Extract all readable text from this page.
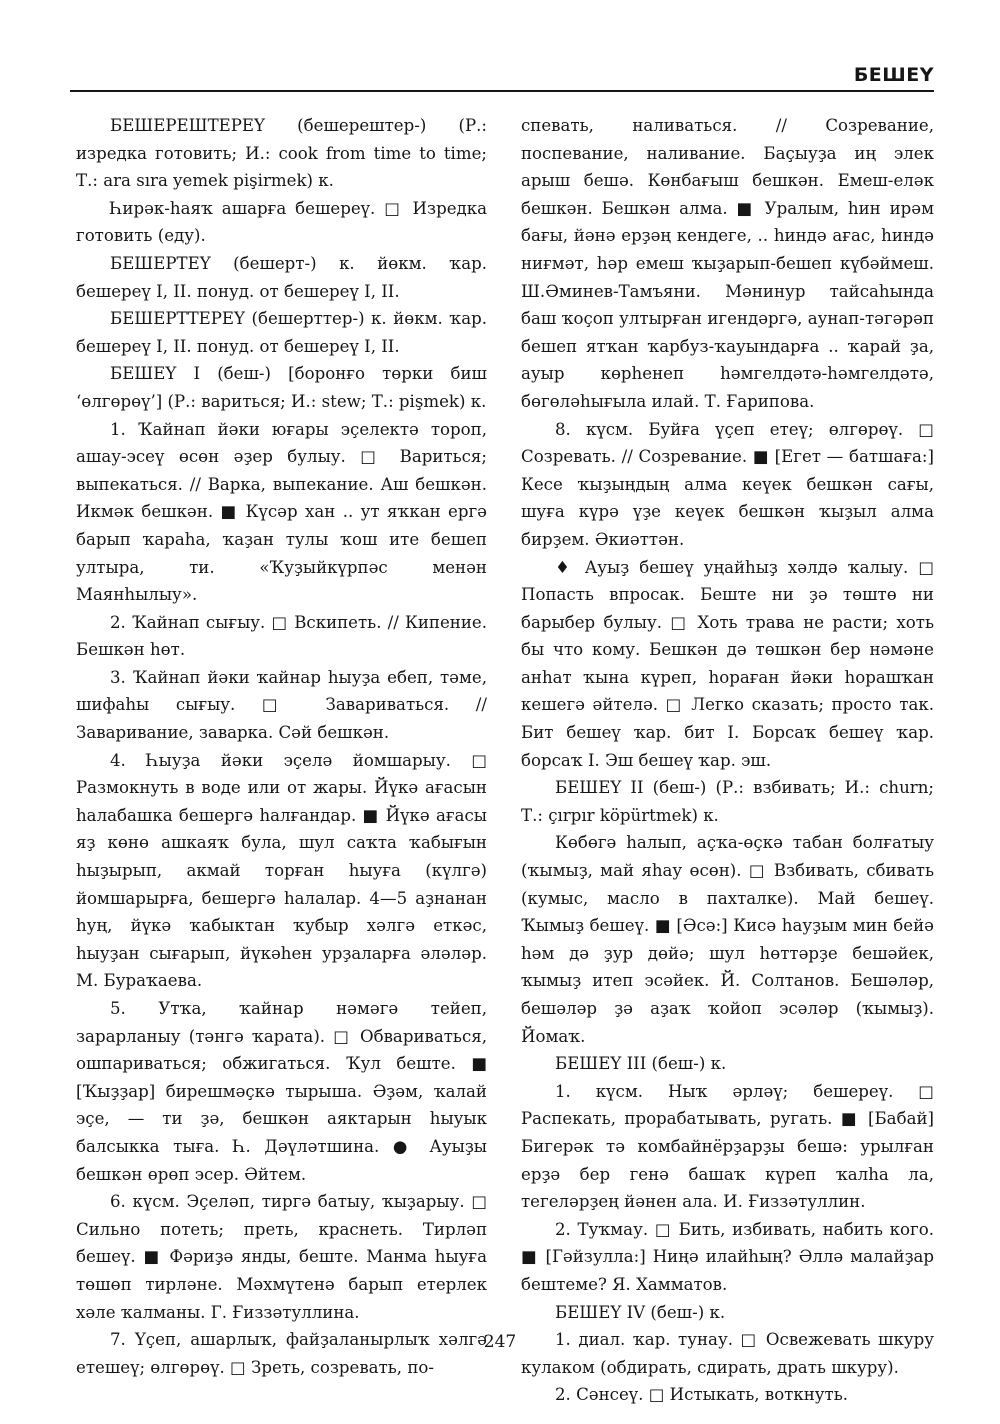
БЕШЕҮ

БЕШЕРЕШТЕРЕҮ (бешерештер-) (Р.: изредка готовить; И.: cook from time to time; Т.: ara sıra yemek pişirmek) к.

Һирәк-һаяҡ ашарға бешереү. □ Изредка готовить (еду).

БЕШЕРТЕҮ (бешерт-) к. йөкм. ҡар. бешереү I, II. понуд. от бешереү I, II.

БЕШЕРТТЕРЕҮ (бешерттер-) к. йөкм. ҡар. бешереү I, II. понуд. от бешереү I, II.

БЕШЕҮ I (беш-) [боронғо төрки биш ‘өлгөрөү’] (Р.: вариться; И.: stew; Т.: pişmek) к.

1. Ҡайнап йәки юғары эҫелектә тороп, ашау-эсеү өсөн әҙер булыу. □ Вариться; выпекаться. // Варка, выпекание. Аш бешкән. Икмәк бешкән. ■ Күсәр хан .. ут яҡкан ергә барып ҡараһа, ҡаҙан тулы ҡош ите бешеп ултыра, ти. «Ҡуҙыйкүрпәс менән Маянһылыу».

2. Ҡайнап сығыу. □ Вскипеть. // Кипение. Бешкән һөт.

3. Ҡайнап йәки ҡайнар һыуҙа ебеп, тәме, шифаһы сығыу. □ Завариваться. // Заваривание, заварка. Сәй бешкән.

4. Һыуҙа йәки эҫелә йомшарыу. □ Размокнуть в воде или от жары. Йүкә ағасын һалабашка бешергә һалғандар. ■ Йүкә ағасы яҙ көнө ашкаяҡ була, шул саҡта ҡабығын һыҙырып, акмай торған һыуға (күлгә) йомшарырға, бешергә һалалар. 4—5 аҙнанан һуң, йүкә ҡабыктан ҡубыр хәлгә еткәс, һыуҙан сығарып, йүкәһен урҙаларға әләләр. М. Бураҡаева.

5. Утҡа, ҡайнар нәмәгә тейеп, зарарланыу (тәнгә ҡарата). □ Обвариваться, ошпариваться; обжигаться. Ҡул беште. ■ [Ҡыҙҙар] бирешмәҫкә тырыша. Әҙәм, ҡалай эҫе, — ти ҙә, бешкән аяктарын һыуык балсыкка тыға. Һ. Дәүләтшина. ● Ауыҙы бешкән өрөп эсер. Әйтем.

6. күсм. Эҫеләп, тиргә батыу, ҡыҙарыу. □ Сильно потеть; преть, краснеть. Тирләп бешеү. ■ Фәриҙә янды, беште. Манма һыуға төшөп тирләне. Мәхмүтенә барып етерлек хәле ҡалманы. Г. Ғиззәтуллина.

7. Үҫеп, ашарлыҡ, файҙаланырлыҡ хәлгә етешеү; өлгөрөү. □ Зреть, созревать, по-

спевать, наливаться. // Созревание, поспевание, наливание. Баҫыуҙа иң элек арыш бешә. Көнбағыш бешкән. Емеш-еләк бешкән. Бешкән алма. ■ Уралым, һин ирәм бағы, йәнә ерҙәң кендеге, .. һиндә ағас, һиндә ниғмәт, һәр емеш ҡыҙарып-бешеп күбәймеш. Ш.Әминев-Тамъяни. Мәнинур тайсаһында баш ҡоҫоп ултырған игендәргә, аунап-тәгәрәп бешеп ятҡан ҡарбуз-ҡауындарға .. ҡарай ҙа, ауыр көрһенеп һәмгелдәтә-һәмгелдәтә, бөгөләһығыла илай. Т. Ғарипова.

8. күсм. Буйға үҫеп етеү; өлгөрөү. □ Созревать. // Созревание. ■ [Егет — батшаға:] Кесе ҡыҙыңдың алма кеүек бешкән сағы, шуға күрә үҙе кеүек бешкән ҡыҙыл алма бирҙем. Әкиәттән.

♦ Ауыҙ бешеү уңайһыҙ хәлдә ҡалыу. □ Попасть впросак. Беште ни ҙә төштө ни барыбер булыу. □ Хоть трава не расти; хоть бы что кому. Бешкән дә төшкән бер нәмәне анһат ҡына күреп, һораған йәки һорашҡан кешегә әйтелә. □ Легко сказать; просто так. Бит бешеү ҡар. бит I. Борсаҡ бешеү ҡар. борсаҡ I. Эш бешеү ҡар. эш.

БЕШЕҮ II (беш-) (Р.: взбивать; И.: churn; Т.: çırpır köpürtmek) к.

Көбөгә һалып, аҫҡа-өҫкә табан болғатыу (ҡымыҙ, май яһау өсөн). □ Взбивать, сбивать (кумыс, масло в пахталке). Май бешеү. Ҡымыҙ бешеү. ■ [Әсә:] Кисә һауҙым мин бейә һәм дә ҙур дөйә; шул һөттәрҙе бешәйек, ҡымыҙ итеп эсәйек. Й. Солтанов. Бешәләр, бешәләр ҙә аҙаҡ ҡойоп эсәләр (ҡымыҙ). Йомаҡ.

БЕШЕҮ III (беш-) к.

1. күсм. Ныҡ әрләү; бешереү. □ Распекать, прорабатывать, ругать. ■ [Бабай] Бигерәк тә комбайнёрҙарҙы бешә: урылған ерҙә бер генә башаҡ күреп ҡалһа ла, тегеләрҙең йәнен ала. И. Ғиззәтуллин.

2. Туҡмау. □ Бить, избивать, набить кого. ■ [Гәйзулла:] Ниңә илайһың? Әллә малайҙар бештеме? Я. Хамматов.

БЕШЕҮ IV (беш-) к.

1. диал. ҡар. тунау. □ Освежевать шкуру кулаком (обдирать, сдирать, драть шкуру).

2. Сәнсеү. □ Истыкать, воткнуть.

247
